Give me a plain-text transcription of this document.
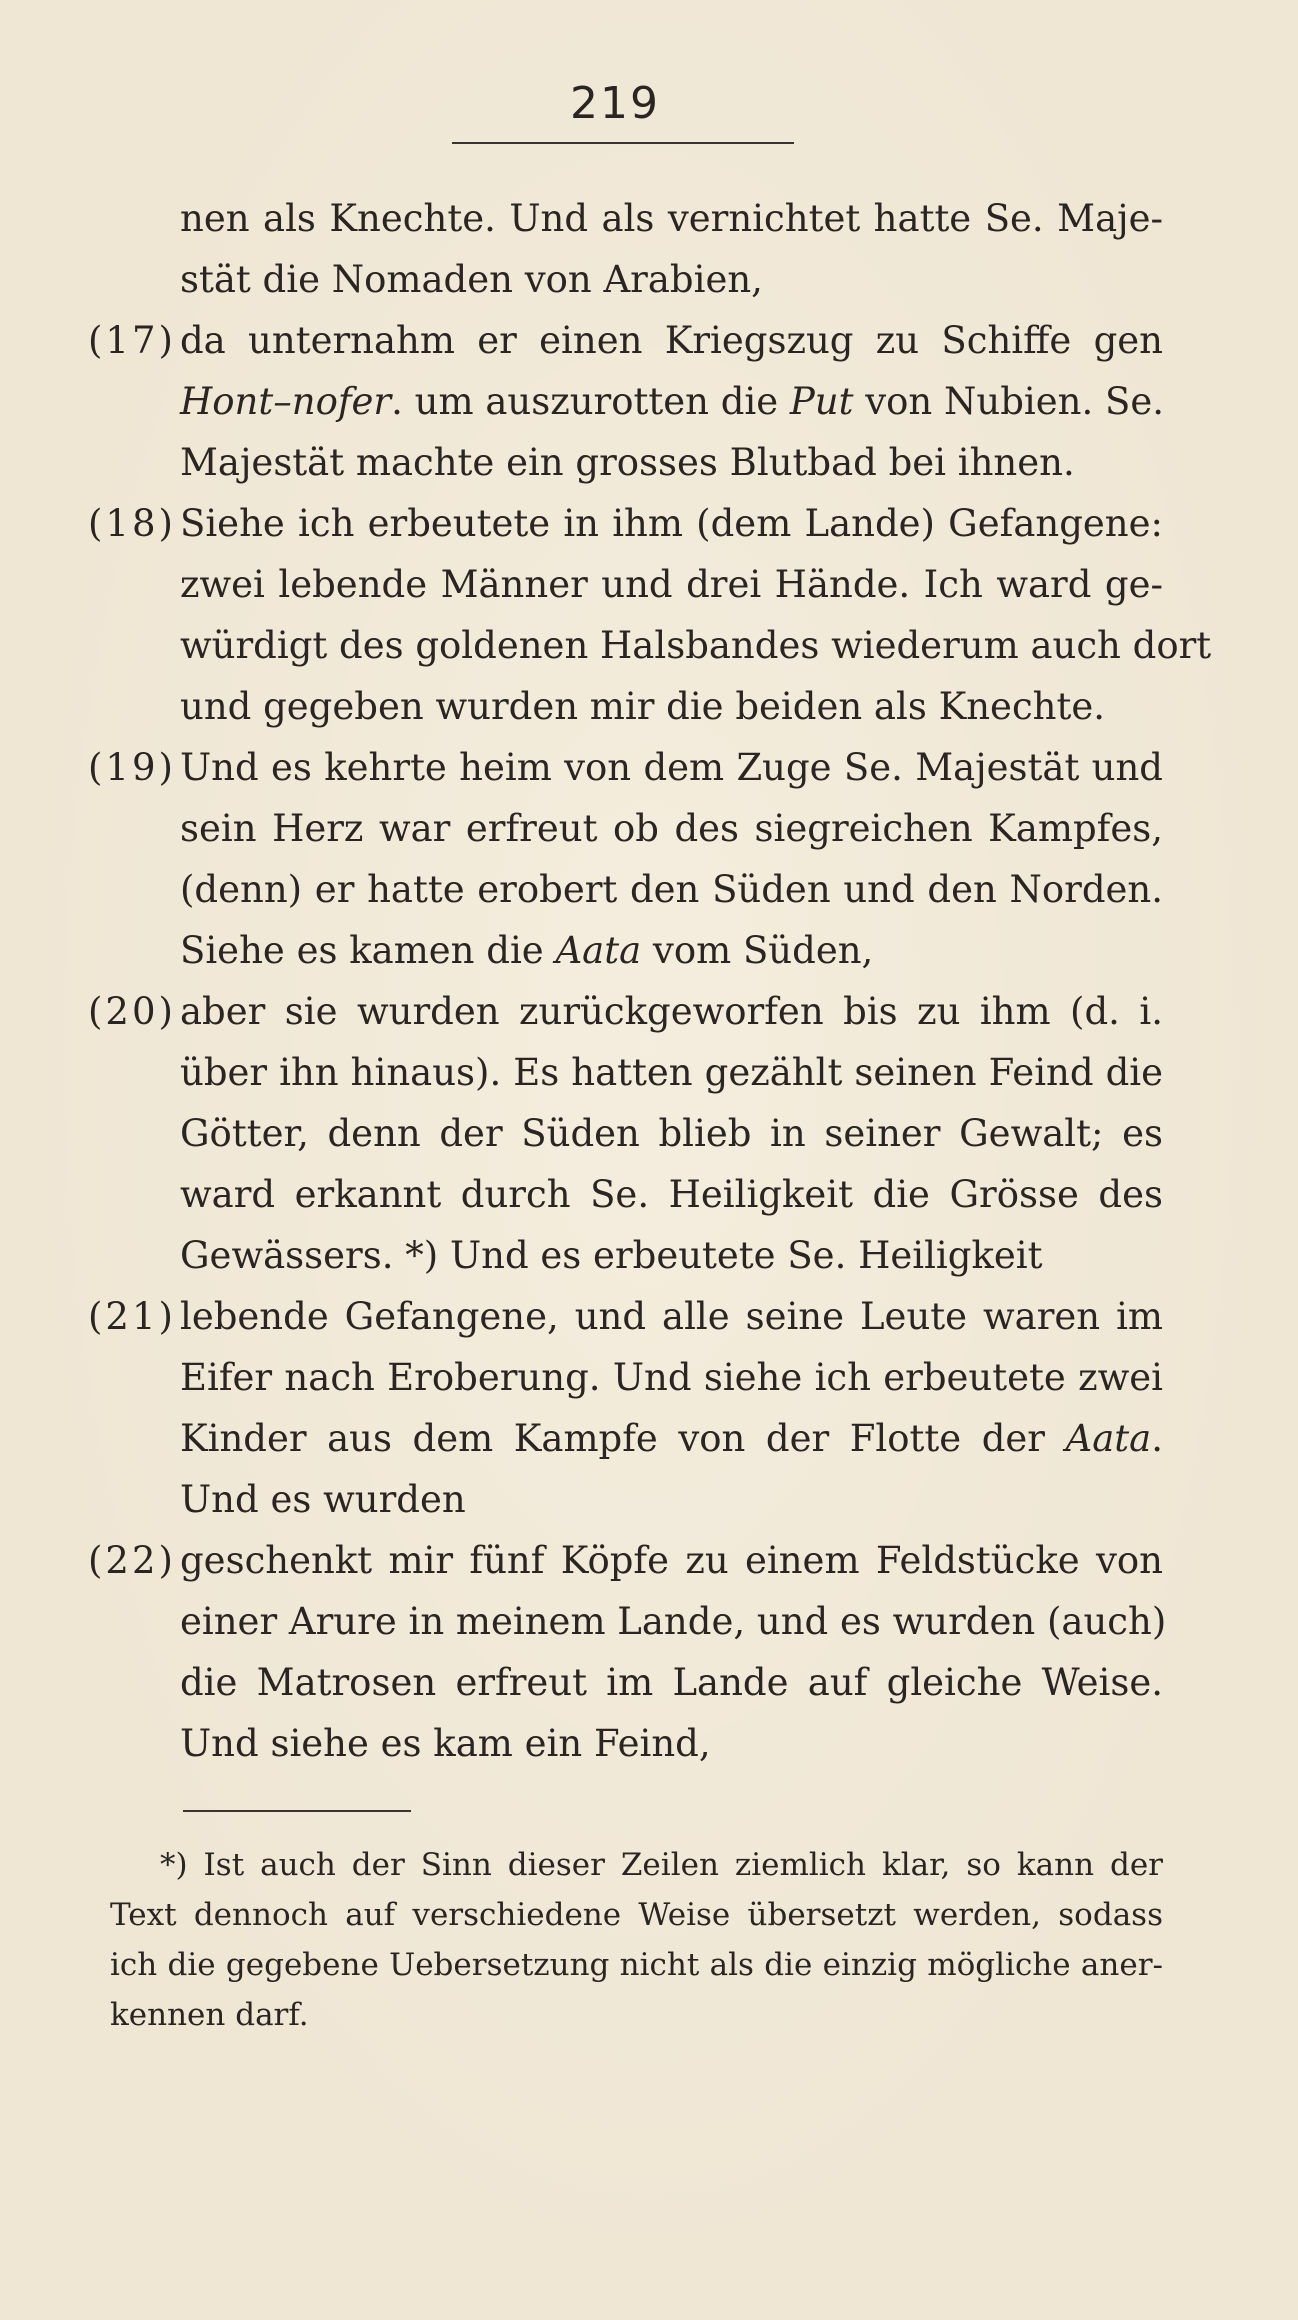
219
nen als Knechte. Und als vernichtet hatte Se. Maje-
stät die Nomaden von Arabien,
(17) da unternahm er einen Kriegszug zu Schiffe gen
Hont–nofer. um auszurotten die Put von Nubien. Se.
Majestät machte ein grosses Blutbad bei ihnen.
(18) Siehe ich erbeutete in ihm (dem Lande) Gefangene:
zwei lebende Männer und drei Hände. Ich ward ge-
würdigt des goldenen Halsbandes wiederum auch dort
und gegeben wurden mir die beiden als Knechte.
(19) Und es kehrte heim von dem Zuge Se. Majestät und
sein Herz war erfreut ob des siegreichen Kampfes,
(denn) er hatte erobert den Süden und den Norden.
Siehe es kamen die Aata vom Süden,
(20) aber sie wurden zurückgeworfen bis zu ihm (d. i.
über ihn hinaus). Es hatten gezählt seinen Feind die
Götter, denn der Süden blieb in seiner Gewalt; es
ward erkannt durch Se. Heiligkeit die Grösse des
Gewässers. *) Und es erbeutete Se. Heiligkeit
(21) lebende Gefangene, und alle seine Leute waren im
Eifer nach Eroberung. Und siehe ich erbeutete zwei
Kinder aus dem Kampfe von der Flotte der Aata.
Und es wurden
(22) geschenkt mir fünf Köpfe zu einem Feldstücke von
einer Arure in meinem Lande, und es wurden (auch)
die Matrosen erfreut im Lande auf gleiche Weise.
Und siehe es kam ein Feind,
*) Ist auch der Sinn dieser Zeilen ziemlich klar, so kann der
Text dennoch auf verschiedene Weise übersetzt werden, sodass
ich die gegebene Uebersetzung nicht als die einzig mögliche aner-
kennen darf.
